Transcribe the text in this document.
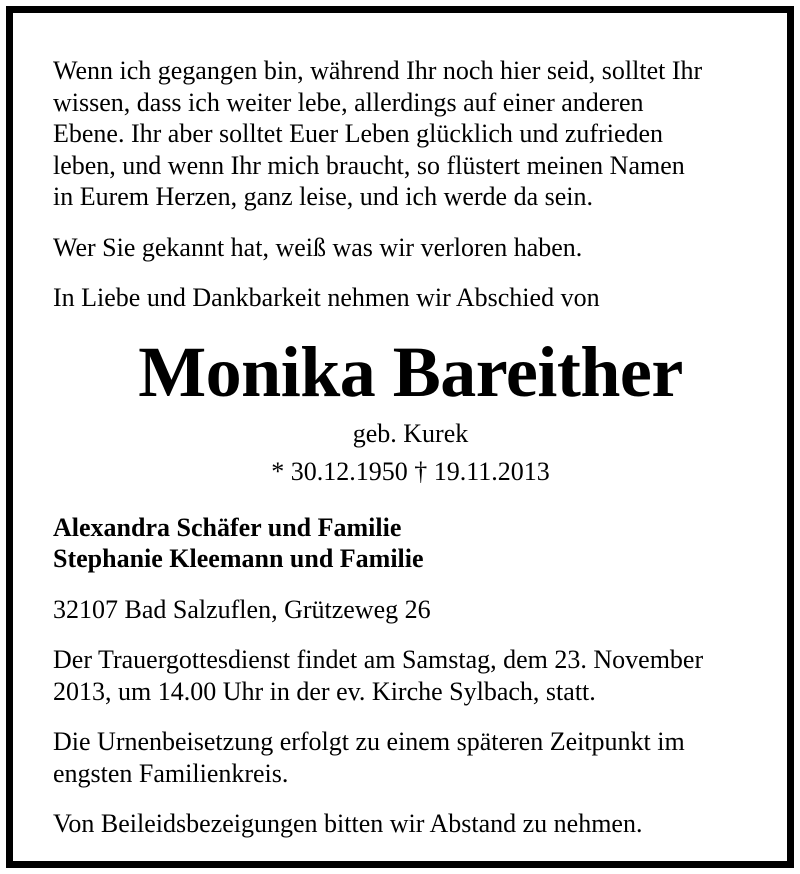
Wenn ich gegangen bin, während Ihr noch hier seid, solltet Ihr

wissen, dass ich weiter lebe, allerdings auf einer anderen

Ebene. Ihr aber solltet Euer Leben glücklich und zufrieden

leben, und wenn Ihr mich braucht, so flüstert meinen Namen

in Eurem Herzen, ganz leise, und ich werde da sein.

Wer Sie gekannt hat, weiß was wir verloren haben.

In Liebe und Dankbarkeit nehmen wir Abschied von

Monika Bareither

geb. Kurek

* 30.12.1950 † 19.11.2013

Alexandra Schäfer und Familie

Stephanie Kleemann und Familie

32107 Bad Salzuflen, Grützeweg 26

Der Trauergottesdienst findet am Samstag, dem 23. November

2013, um 14.00 Uhr in der ev. Kirche Sylbach, statt.

Die Urnenbeisetzung erfolgt zu einem späteren Zeitpunkt im

engsten Familienkreis.

Von Beileidsbezeigungen bitten wir Abstand zu nehmen.
